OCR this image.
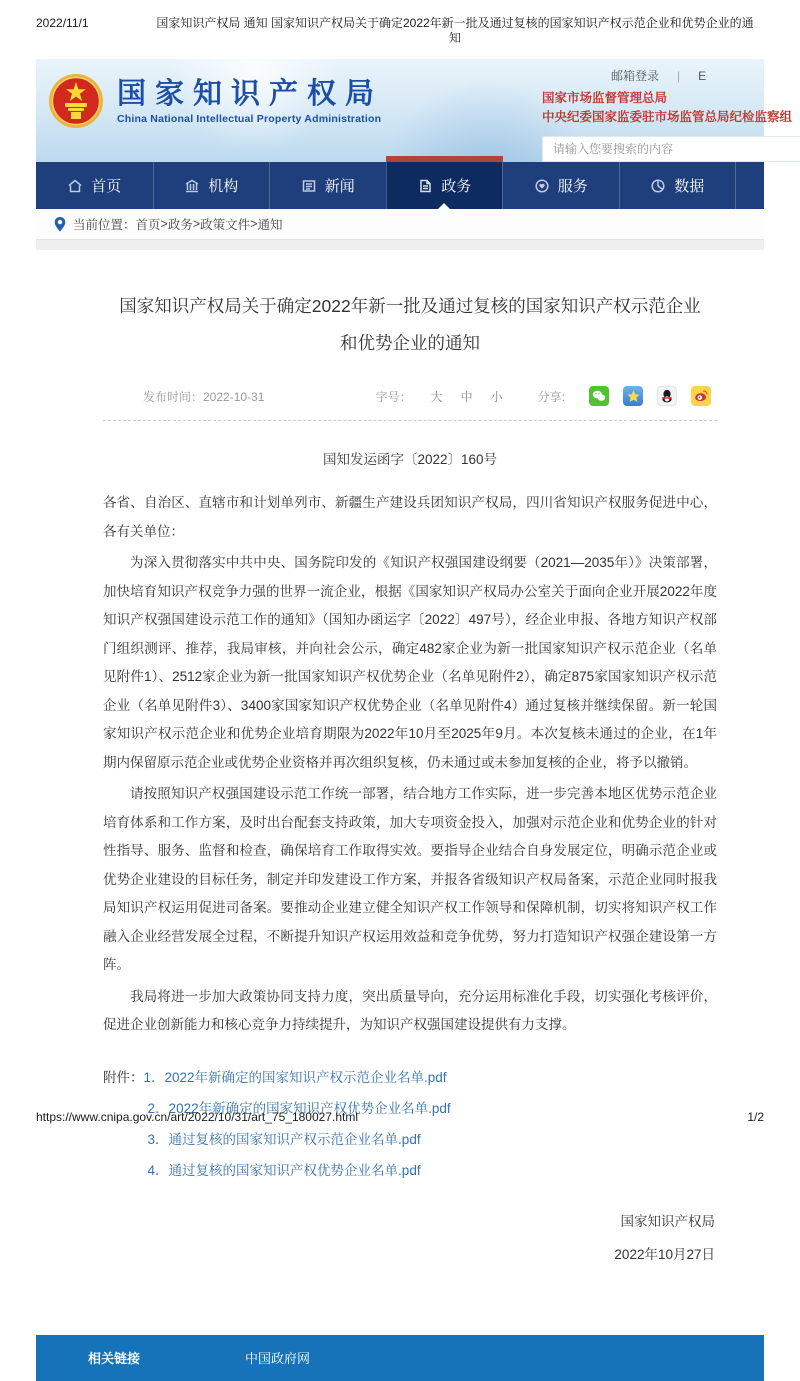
2022/11/1	国家知识产权局 通知 国家知识产权局关于确定2022年新一批及通过复核的国家知识产权示范企业和优势企业的通知
国家知识产权局
China National Intellectual Property Administration
邮箱登录 | E
国家市场监督管理总局
中央纪委国家监委驻市场监管总局纪检监察组
请输入您要搜索的内容
首页	机构	新闻	政务	服务	数据
当前位置： 首页 > 政务 > 政策文件 > 通知
国家知识产权局关于确定2022年新一批及通过复核的国家知识产权示范企业和优势企业的通知
发布时间：2022-10-31	字号： 大 中 小	分享:
国知发运函字〔2022〕160号
各省、自治区、直辖市和计划单列市、新疆生产建设兵团知识产权局，四川省知识产权服务促进中心，各有关单位：

为深入贯彻落实中共中央、国务院印发的《知识产权强国建设纲要（2021—2035年）》决策部署，加快培育知识产权竞争力强的世界一流企业，根据《国家知识产权局办公室关于面向企业开展2022年度知识产权强国建设示范工作的通知》（国知办函运字〔2022〕497号），经企业申报、各地方知识产权部门组织测评、推荐，我局审核，并向社会公示，确定482家企业为新一批国家知识产权示范企业（名单见附件1）、2512家企业为新一批国家知识产权优势企业（名单见附件2），确定875家国家知识产权示范企业（名单见附件3）、3400家国家知识产权优势企业（名单见附件4）通过复核并继续保留。新一轮国家知识产权示范企业和优势企业培育期限为2022年10月至2025年9月。本次复核未通过的企业，在1年期内保留原示范企业或优势企业资格并再次组织复核，仍未通过或未参加复核的企业，将予以撤销。

请按照知识产权强国建设示范工作统一部署，结合地方工作实际，进一步完善本地区优势示范企业培育体系和工作方案，及时出台配套支持政策，加大专项资金投入，加强对示范企业和优势企业的针对性指导、服务、监督和检查，确保培育工作取得实效。要指导企业结合自身发展定位，明确示范企业或优势企业建设的目标任务，制定并印发建设工作方案，并报各省级知识产权局备案，示范企业同时报我局知识产权运用促进司备案。要推动企业建立健全知识产权工作领导和保障机制，切实将知识产权工作融入企业经营发展全过程，不断提升知识产权运用效益和竞争优势，努力打造知识产权强企建设第一方阵。

我局将进一步加大政策协同支持力度，突出质量导向，充分运用标准化手段，切实强化考核评价，促进企业创新能力和核心竞争力持续提升，为知识产权强国建设提供有力支撑。

附件：1．2022年新确定的国家知识产权示范企业名单.pdf
2．2022年新确定的国家知识产权优势企业名单.pdf
3．通过复核的国家知识产权示范企业名单.pdf
4．通过复核的国家知识产权优势企业名单.pdf
国家知识产权局
2022年10月27日
相关链接	中国政府网
https://www.cnipa.gov.cn/art/2022/10/31/art_75_180027.html	1/2
